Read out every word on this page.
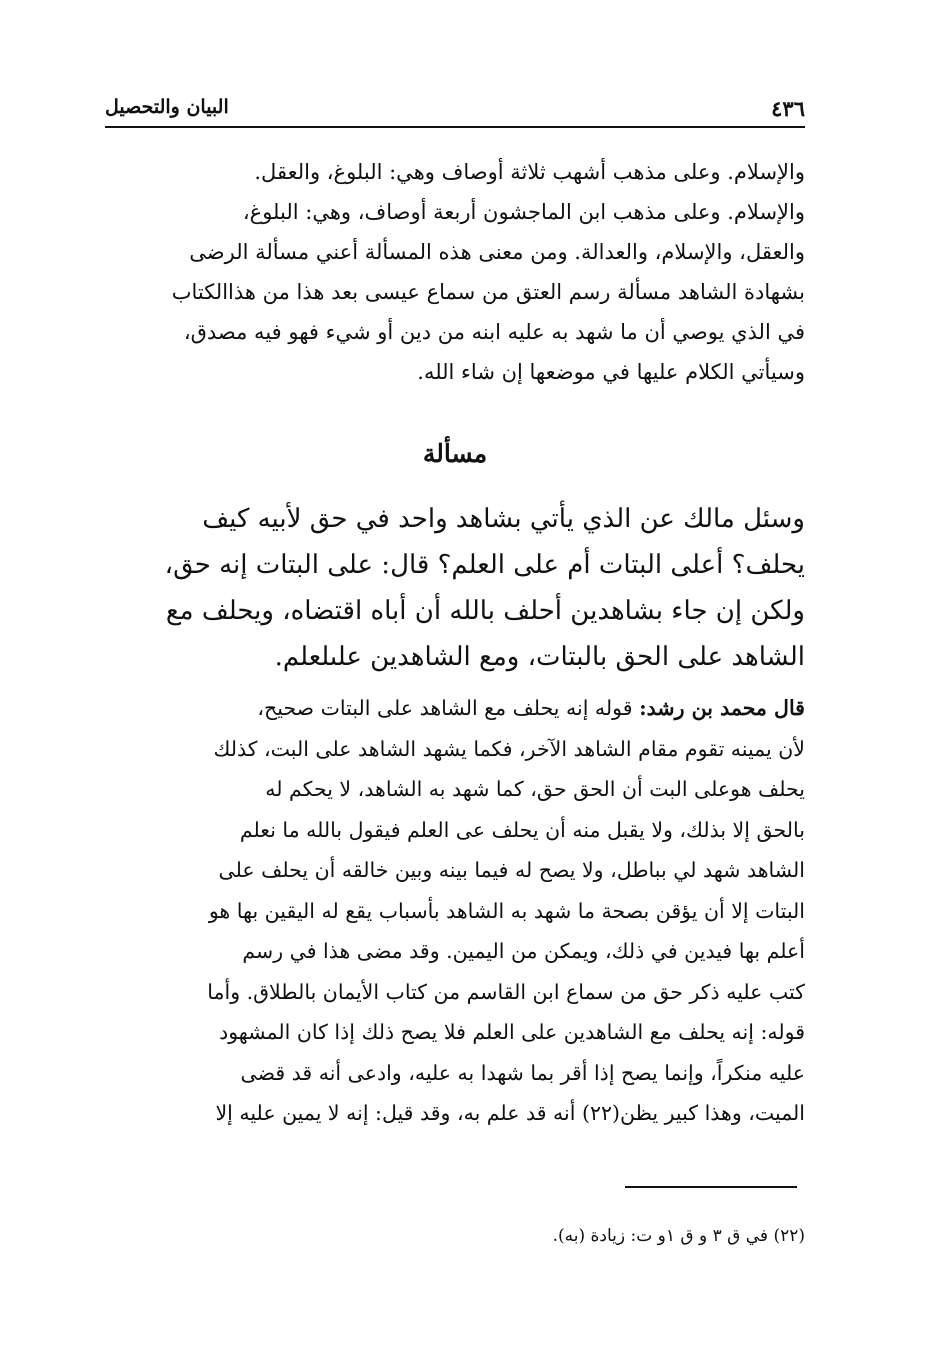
٤٣٦
البيان والتحصيل
والإسلام. وعلى مذهب أشهب ثلاثة أوصاف وهي: البلوغ، والعقل.
والإسلام. وعلى مذهب ابن الماجشون أربعة أوصاف، وهي: البلوغ،
والعقل، والإسلام، والعدالة. ومن معنى هذه المسألة أعني مسألة الرضى
بشهادة الشاهد مسألة رسم العتق من سماع عيسى بعد هذا من هذاالكتاب
في الذي يوصي أن ما شهد به عليه ابنه من دين أو شيء فهو فيه مصدق،
وسيأتي الكلام عليها في موضعها إن شاء الله.
مسألة
وسئل مالك عن الذي يأتي بشاهد واحد في حق لأبيه كيف
يحلف؟ أعلى البتات أم على العلم؟ قال: على البتات إنه حق،
ولكن إن جاء بشاهدين أحلف بالله أن أباه اقتضاه، ويحلف مع
الشاهد على الحق بالبتات، ومع الشاهدين علىلعلم.
قال محمد بن رشد: قوله إنه يحلف مع الشاهد على البتات صحيح،
لأن يمينه تقوم مقام الشاهد الآخر، فكما يشهد الشاهد على البت، كذلك
يحلف هوعلى البت أن الحق حق، كما شهد به الشاهد، لا يحكم له
بالحق إلا بذلك، ولا يقبل منه أن يحلف عى العلم فيقول بالله ما نعلم
الشاهد شهد لي بباطل، ولا يصح له فيما بينه وبين خالقه أن يحلف على
البتات إلا أن يؤقن بصحة ما شهد به الشاهد بأسباب يقع له اليقين بها هو
أعلم بها فيدين في ذلك، ويمكن من اليمين. وقد مضى هذا في رسم
كتب عليه ذكر حق من سماع ابن القاسم من كتاب الأيمان بالطلاق. وأما
قوله: إنه يحلف مع الشاهدين على العلم فلا يصح ذلك إذا كان المشهود
عليه منكراً، وإنما يصح إذا أقر بما شهدا به عليه، وادعى أنه قد قضى
الميت، وهذا كبير يظن(٢٢) أنه قد علم به، وقد قيل: إنه لا يمين عليه إلا
(٢٢) في ق ٣ و ق ١و ت: زيادة (به).
